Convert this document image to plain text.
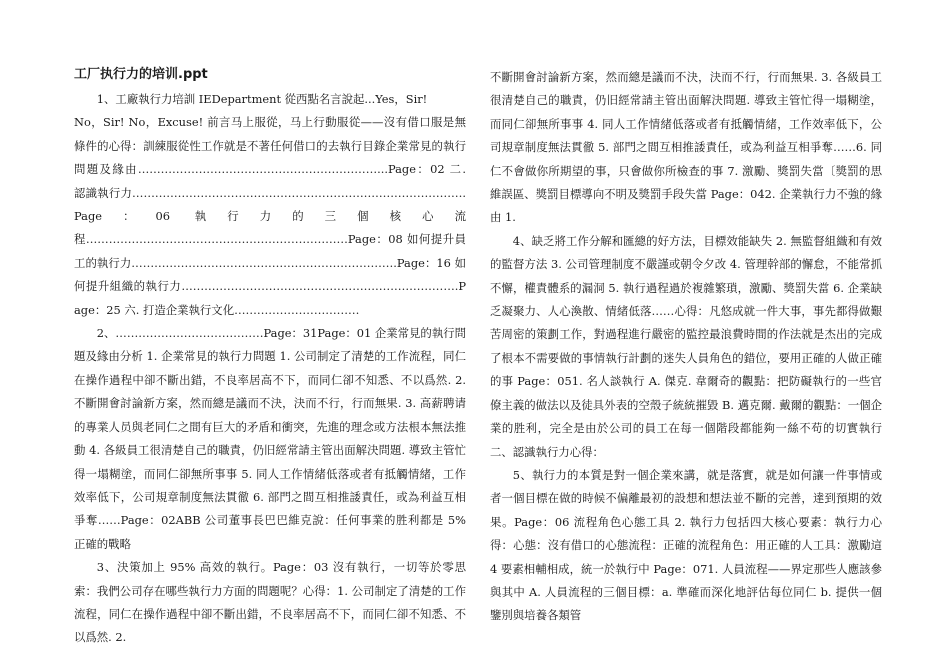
工厂执行力的培训.ppt

1、工廠執行力培訓 IEDepartment 從西點名言說起...Yes，Sir!

No，Sir! No，Excuse! 前言马上服從，马上行動服從——沒有借口服是無條件的心得：訓練服從性工作就是不著任何借口的去執行目錄企業常見的執行問題及緣由………………………………………………………...Page：02 二. 認識執行力…………………………………………………………………………….Page：06 執行力的三個核心流程……………………………………………………………Page：08 如何提升員工的執行力…………………………………………………………….Page：16 如何提升組織的執行力……………………………………………………………….Page：25 六. 打造企業執行文化……………………………

2、…………………………………Page：31Page：01 企業常見的執行問題及緣由分析 1. 企業常見的執行力問題 1. 公司制定了清楚的工作流程，同仁在操作過程中卻不斷出錯，不良率居高不下，而同仁卻不知悉、不以爲然. 2. 不斷開會討論新方案，然而總是議而不決，決而不行，行而無果. 3. 高薪聘请的專業人员與老同仁之間有巨大的矛盾和衝突，先進的理念或方法根本無法推動 4. 各級員工很清楚自己的職責，仍旧經常請主管出面解決問題. 導致主管忙得一塌糊塗，而同仁卻無所事事 5. 同人工作情緒低落或者有抵觸情緒，工作效率低下，公司規章制度無法貫徹 6. 部門之間互相推諉責任，或為利益互相爭奪……Page：02ABB 公司董事長巴巴維克說：任何事業的胜利都是 5% 正確的戰略

3、決策加上 95% 高效的執行。Page：03 沒有執行，一切等於零思索：我們公司存在哪些執行力方面的問題呢？心得：1. 公司制定了清楚的工作流程，同仁在操作過程中卻不斷出錯，不良率居高不下，而同仁卻不知悉、不以爲然. 2.

不斷開會討論新方案，然而總是議而不決，決而不行，行而無果. 3. 各級員工很清楚自己的職責，仍旧經常請主管出面解決問題. 導致主管忙得一塌糊塗，而同仁卻無所事事 4. 同人工作情緒低落或者有抵觸情緒，工作效率低下，公司規章制度無法貫徹 5. 部門之間互相推諉責任，或為利益互相爭奪……6. 同仁不會做你所期望的事，只會做你所檢查的事 7. 激勵、獎罰失當〔獎罰的思維誤區、獎罰目標導向不明及獎罰手段失當 Page：042. 企業執行力不強的緣由 1.

4、缺乏將工作分解和匯總的好方法，目標效能缺失 2. 無監督組織和有效的監督方法 3. 公司管理制度不嚴謹或朝令夕改 4. 管理幹部的懈怠，不能常抓不懈，權責體系的漏洞 5. 執行過程過於複雜繁瑣，激勵、獎罰失當 6. 企業缺乏凝聚力、人心渙散、情緒低落……心得：凡悠成就一件大事，事先都得做艱苦周密的策劃工作，對過程進行嚴密的監控最浪費時間的作法就是杰出的完成了根本不需要做的事情執行計劃的迷失人員角色的錯位，要用正確的人做正確的事 Page：051. 名人談執行 A. 傑克. 韋爾奇的觀點：把防礙執行的一些官僚主義的做法以及徒具外表的空殼子統統摧毀 B. 邁克爾. 戴爾的觀點：一個企業的胜利，完全是由於公司的員工在每一個階段都能夠一絲不苟的切實執行二、認識執行力心得：

5、執行力的本質是對一個企業來講，就是落實，就是如何讓一件事情或者一個目標在做的時候不偏離最初的設想和想法並不斷的完善，達到預期的效果。Page：06 流程角色心態工具 2. 執行力包括四大核心要素：執行力心得：心態：沒有借口的心態流程：正確的流程角色：用正確的人工具：激勵這 4 要素相輔相成，統一於執行中 Page：071. 人員流程——界定那些人應該參與其中 A. 人員流程的三個目標：a. 準確而深化地評估每位同仁 b. 提供一個鑒別與培養各類管
